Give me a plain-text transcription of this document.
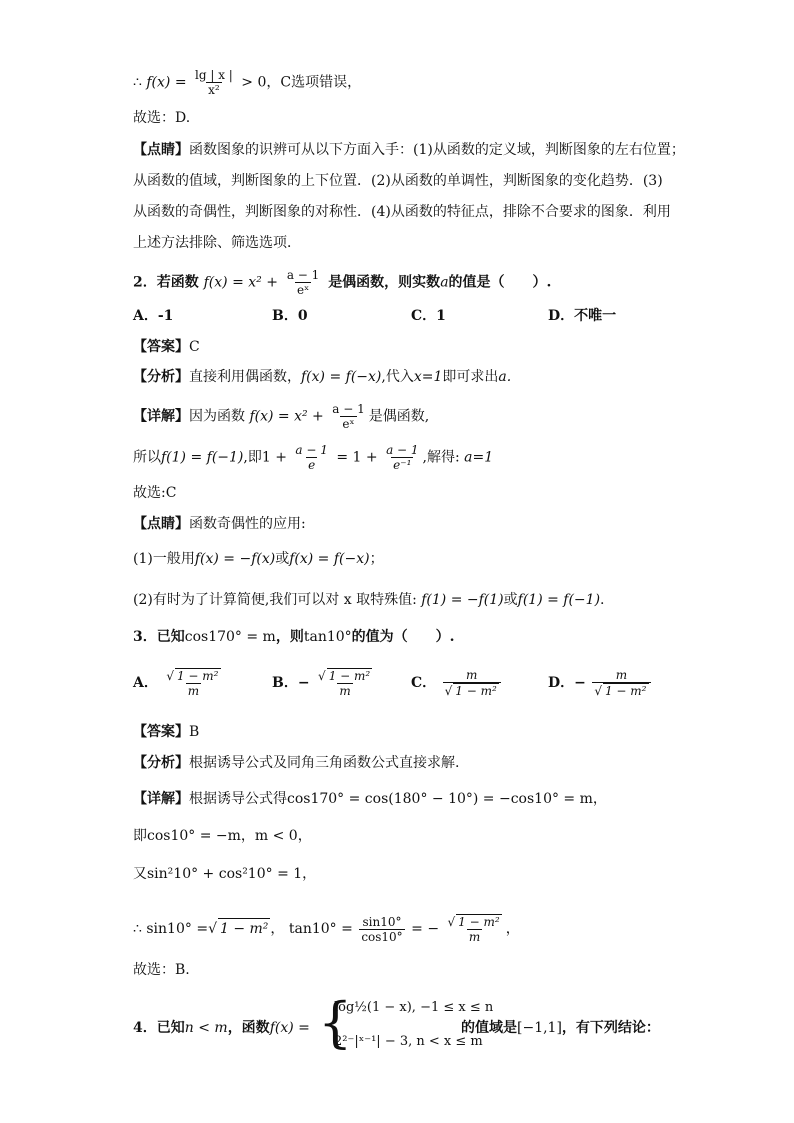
∴ $f(x) = \frac{\lg | x |}{\text{x²}} > 0$，C选项错误，
故选：D.
【点睛】函数图象的识辨可从以下方面入手：(1)从函数的定义域，判断图象的左右位置；
从函数的值域，判断图象的上下位置．(2)从函数的单调性，判断图象的变化趋势．(3)
从函数的奇偶性，判断图象的对称性．(4)从函数的特征点，排除不合要求的图象．利用
上述方法排除、筛选选项．
2．若函数 $f(x) = x^2 + \frac{a - 1}{\text{eˣ}}$ 是偶函数，则实数a的值是（　　）.
A．-1	B．0	C．1	D．不唯一
【答案】C
【分析】直接利用偶函数，f(x) = f(−x),代入x=1即可求出a.
【详解】因为函数 $f(x) = x^2 + \frac{a - 1}{\text{eˣ}}$ 是偶函数,
所以f(1) = f(−1),即$1 + \frac{a - 1}{e} = 1 + \frac{a - 1}{\text{e⁻¹}}$ ,解得: a=1
故选:C
【点睛】函数奇偶性的应用:
(1)一般用f(x) = −f(x)或f(x) = f(−x)；
(2)有时为了计算简便,我们可以对 x 取特殊值: f(1) = −f(1)或f(1) = f(−1).
3．已知cos170° = m，则tan10°的值为（　　）.
A． $\frac{\text{√ 1 − m²}}{m}$	B．− $\frac{\text{√ 1 − m²}}{m}$	C． $\frac{m}{\text{√ 1 − m²}}$	D．− $\frac{m}{\text{√ 1 − m²}}$
【答案】B
【分析】根据诱导公式及同角三角函数公式直接求解.
【详解】根据诱导公式得cos170° = cos(180° − 10°) = −cos10° = m，
即cos10° = −m，m < 0，
又sin²10° + cos²10° = 1，
∴ sin10° =√ 1 − m² ， $\tan 10^\circ = \frac{\sin 10^\circ}{\cos 10^\circ}$ = − $\frac{\text{√ 1 − m²}}{m}$ ，
故选：B.
4．已知n < m，函数f(x) = {
log½(1 − x), −1 ≤ x ≤ n
2²⁻|ˣ⁻¹| − 3, n < x ≤ m
的值域是[−1,1]，有下列结论：
